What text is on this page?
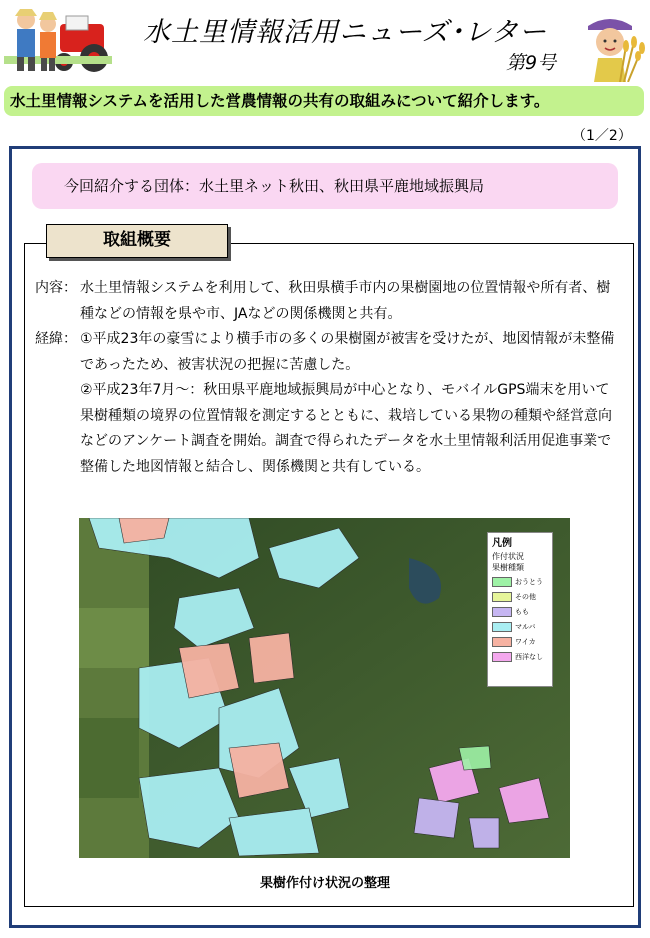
水土里情報活用ニューズ･レター
第9号
水土里情報システムを活用した営農情報の共有の取組みについて紹介します。
（1／2）
今回紹介する団体：水土里ネット秋田、秋田県平鹿地域振興局
取組概要
内容： 水土里情報システムを利用して、秋田県横手市内の果樹園地の位置情報や所有者、樹種などの情報を県や市、JAなどの関係機関と共有。
経緯： ①平成23年の豪雪により横手市の多くの果樹園が被害を受けたが、地図情報が未整備であったため、被害状況の把握に苦慮した。
②平成23年7月～：秋田県平鹿地域振興局が中心となり、モバイルGPS端末を用いて果樹種類の境界の位置情報を測定するとともに、栽培している果物の種類や経営意向などのアンケート調査を開始。調査で得られたデータを水土里情報利活用促進事業で整備した地図情報と結合し、関係機関と共有している。
凡例
作付状況
果樹種類
おうとう
その他
もも
マルバ
ワイカ
西洋なし
果樹作付け状況の整理
